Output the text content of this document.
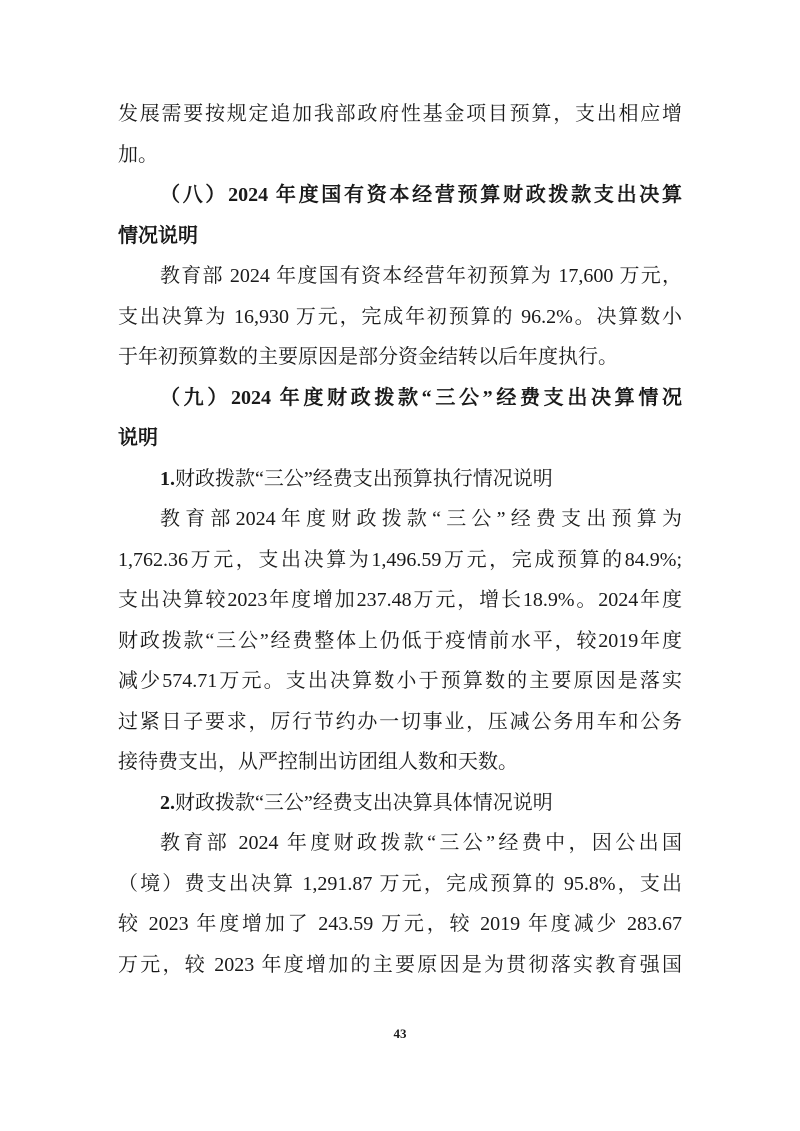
发展需要按规定追加我部政府性基金项目预算，支出相应增
加。
（八）2024 年度国有资本经营预算财政拨款支出决算
情况说明
教育部 2024 年度国有资本经营年初预算为 17,600 万元，
支出决算为 16,930 万元，完成年初预算的 96.2%。决算数小
于年初预算数的主要原因是部分资金结转以后年度执行。
（九）2024 年度财政拨款“三公”经费支出决算情况
说明
1.财政拨款“三公”经费支出预算执行情况说明
教育部2024年度财政拨款“三公”经费支出预算为
1,762.36万元，支出决算为1,496.59万元，完成预算的84.9%;
支出决算较2023年度增加237.48万元，增长18.9%。2024年度
财政拨款“三公”经费整体上仍低于疫情前水平，较2019年度
减少574.71万元。支出决算数小于预算数的主要原因是落实
过紧日子要求，厉行节约办一切事业，压减公务用车和公务
接待费支出，从严控制出访团组人数和天数。
2.财政拨款“三公”经费支出决算具体情况说明
教育部 2024 年度财政拨款“三公”经费中，因公出国
（境）费支出决算 1,291.87 万元，完成预算的 95.8%，支出
较 2023 年度增加了 243.59 万元，较 2019 年度减少 283.67
万元，较 2023 年度增加的主要原因是为贯彻落实教育强国
43
